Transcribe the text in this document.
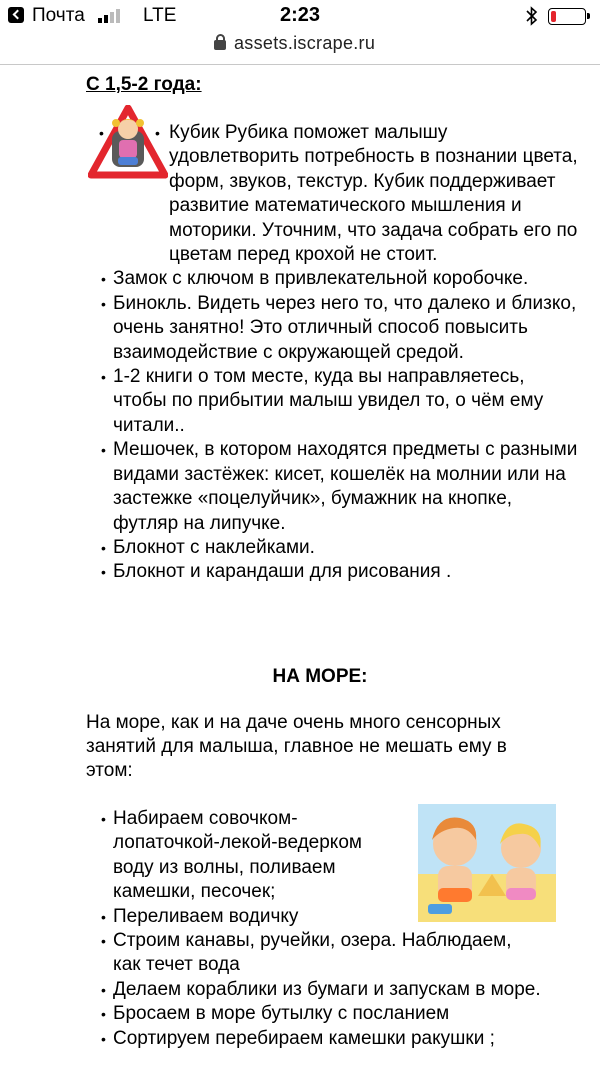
Почта	LTE	2:23
assets.iscrape.ru

С 1,5-2 года:

• • Кубик Рубика поможет малышу удовлетворить потребность в познании цвета, форм, звуков, текстур. Кубик поддерживает развитие математического мышления и моторики. Уточним, что задача собрать его по цветам перед крохой не стоит.
• Замок с ключом в привлекательной коробочке.
• Бинокль. Видеть через него то, что далеко и близко, очень занятно! Это отличный способ повысить взаимодействие с окружающей средой.
• 1-2 книги о том месте, куда вы направляетесь, чтобы по прибытии малыш увидел то, о чём ему читали..
• Мешочек, в котором находятся предметы с разными видами застёжек: кисет, кошелёк на молнии или на застежке «поцелуйчик», бумажник на кнопке, футляр на липучке.
• Блокнот с наклейками.
• Блокнот и карандаши для рисования .

НА МОРЕ:

На море, как и на даче очень много сенсорных занятий для малыша, главное не мешать ему в этом:

• Набираем совочком-лопаточкой-лекой-ведерком воду из волны, поливаем камешки, песочек;
• Переливаем водичку
• Строим канавы, ручейки, озера. Наблюдаем, как течет вода
• Делаем кораблики из бумаги и запускам в море.
• Бросаем в море бутылку с посланием
• Сортируем перебираем камешки ракушки ;
